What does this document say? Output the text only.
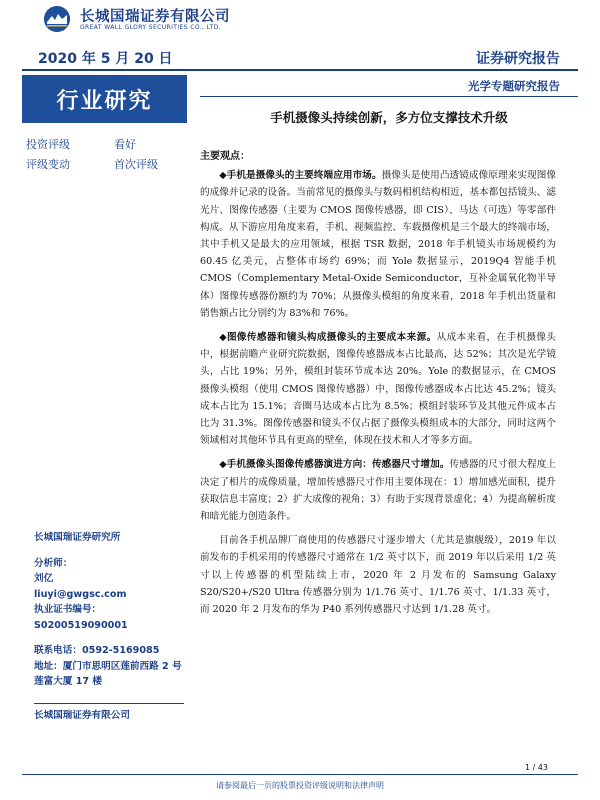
长城国瑞证券有限公司
GREAT WALL GLORY SECURITIES CO., LTD.
2020 年 5 月 20 日	证券研究报告
行业研究
光学专题研究报告
投资评级	看好
评级变动	首次评级
手机摄像头持续创新，多方位支撑技术升级
主要观点：

◆手机是摄像头的主要终端应用市场。摄像头是使用凸透镜成像原理来实现图像的成像并记录的设备。当前常见的摄像头与数码相机结构相近，基本都包括镜头、滤光片、图像传感器（主要为 CMOS 图像传感器，即 CIS）、马达（可选）等零部件构成。从下游应用角度来看，手机、视频监控、车载摄像机是三个最大的终端市场，其中手机又是最大的应用领域，根据 TSR 数据，2018 年手机镜头市场规模约为 60.45 亿美元，占整体市场约 69%；而 Yole 数据显示，2019Q4 智能手机 CMOS（Complementary Metal-Oxide Semiconductor，互补金属氧化物半导体）图像传感器份额约为 70%；从摄像头模组的角度来看，2018 年手机出货量和销售额占比分别约为 83%和 76%。

◆图像传感器和镜头构成摄像头的主要成本来源。从成本来看，在手机摄像头中，根据前瞻产业研究院数据，图像传感器成本占比最高，达 52%；其次是光学镜头，占比 19%；另外，模组封装环节成本达 20%。Yole 的数据显示，在 CMOS 摄像头模组（使用 CMOS 图像传感器）中，图像传感器成本占比达 45.2%；镜头成本占比为 15.1%；音圈马达成本占比为 8.5%；模组封装环节及其他元件成本占比为 31.3%。图像传感器和镜头不仅占据了摄像头模组成本的大部分，同时这两个领域相对其他环节具有更高的壁垒，体现在技术和人才等多方面。

◆手机摄像头图像传感器演进方向：传感器尺寸增加。传感器的尺寸很大程度上决定了相片的成像质量，增加传感器尺寸作用主要体现在：1）增加感光面积，提升获取信息丰富度；2）扩大成像的视角；3）有助于实现背景虚化；4）为提高解析度和暗光能力创造条件。

目前各手机品牌厂商使用的传感器尺寸逐步增大（尤其是旗舰级），2019 年以前发布的手机采用的传感器尺寸通常在 1/2 英寸以下，而 2019 年以后采用 1/2 英寸以上传感器的机型陆续上市，2020 年 2 月发布的 Samsung Galaxy S20/S20+/S20 Ultra 传感器分别为 1/1.76 英寸、1/1.76 英寸、1/1.33 英寸，而 2020 年 2 月发布的华为 P40 系列传感器尺寸达到 1/1.28 英寸。

长城国瑞证券研究所
分析师：
刘亿
liuyi@gwgsc.com
执业证书编号：S0200519090001
联系电话：0592-5169085
地址：厦门市思明区莲前西路 2 号
莲富大厦 17 楼
长城国瑞证券有限公司
1 / 43
请参阅最后一页的股票投资评级说明和法律声明
